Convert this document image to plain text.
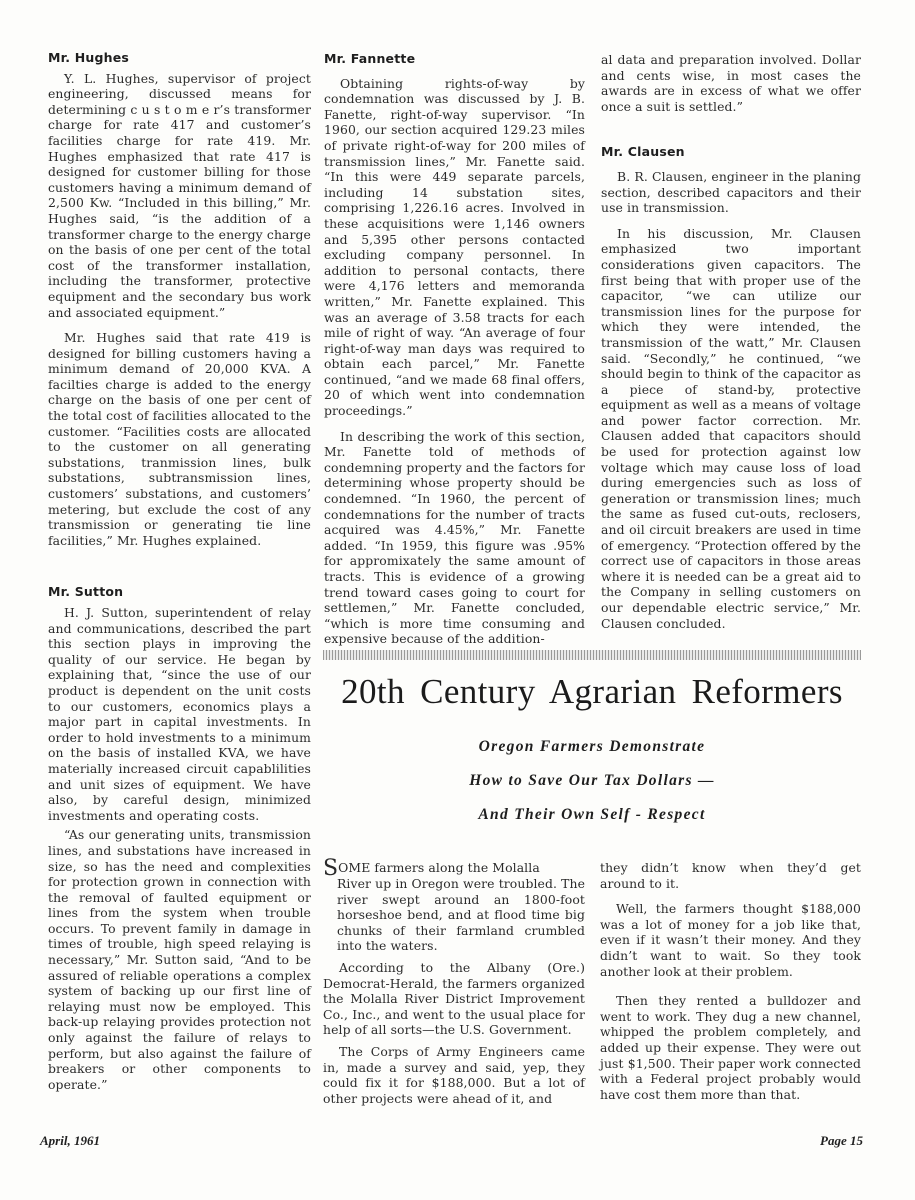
Mr. Hughes

Y. L. Hughes, supervisor of project engineering, discussed means for determining c u s t o m e r’s transformer charge for rate 417 and customer’s facilities charge for rate 419. Mr. Hughes emphasized that rate 417 is designed for customer billing for those customers having a minimum demand of 2,500 Kw. “Included in this billing,” Mr. Hughes said, “is the addition of a transformer charge to the energy charge on the basis of one per cent of the total cost of the transformer installation, including the transformer, protective equipment and the secondary bus work and associated equipment.”

Mr. Hughes said that rate 419 is designed for billing customers having a minimum demand of 20,000 KVA. A facilties charge is added to the energy charge on the basis of one per cent of the total cost of facilities allocated to the customer. “Facilities costs are allocated to the customer on all generating substations, tranmission lines, bulk substations, subtransmission lines, customers’ substations, and customers’ metering, but exclude the cost of any transmission or generating tie line facilities,” Mr. Hughes explained.

Mr. Sutton

H. J. Sutton, superintendent of relay and communications, described the part this section plays in improving the quality of our service. He began by explaining that, “since the use of our product is dependent on the unit costs to our customers, economics plays a major part in capital investments. In order to hold investments to a minimum on the basis of installed KVA, we have materially increased circuit capablilities and unit sizes of equipment. We have also, by careful design, minimized investments and operating costs.

“As our generating units, transmission lines, and substations have increased in size, so has the need and complexities for protection grown in connection with the removal of faulted equipment or lines from the system when trouble occurs. To prevent family in damage in times of trouble, high speed relaying is necessary,” Mr. Sutton said, “And to be assured of reliable operations a complex system of backing up our first line of relaying must now be employed. This back-up relaying provides protection not only against the failure of relays to perform, but also against the failure of breakers or other components to operate.”

Mr. Fannette

Obtaining rights-of-way by condemnation was discussed by J. B. Fanette, right-of-way supervisor. “In 1960, our section acquired 129.23 miles of private right-of-way for 200 miles of transmission lines,” Mr. Fanette said. “In this were 449 separate parcels, including 14 substation sites, comprising 1,226.16 acres. Involved in these acquisitions were 1,146 owners and 5,395 other persons contacted excluding company personnel. In addition to personal contacts, there were 4,176 letters and memoranda written,” Mr. Fanette explained. This was an average of 3.58 tracts for each mile of right of way. “An average of four right-of-way man days was required to obtain each parcel,” Mr. Fanette continued, “and we made 68 final offers, 20 of which went into condemnation proceedings.”

In describing the work of this section, Mr. Fanette told of methods of condemning property and the factors for determining whose property should be condemned. “In 1960, the percent of condemnations for the number of tracts acquired was 4.45%,” Mr. Fanette added. “In 1959, this figure was .95% for appromixately the same amount of tracts. This is evidence of a growing trend toward cases going to court for settlemen,” Mr. Fanette concluded, “which is more time consuming and expensive because of the addition-

al data and preparation involved. Dollar and cents wise, in most cases the awards are in excess of what we offer once a suit is settled.”

Mr. Clausen

B. R. Clausen, engineer in the planing section, described capacitors and their use in transmission.

In his discussion, Mr. Clausen emphasized two important considerations given capacitors. The first being that with proper use of the capacitor, “we can utilize our transmission lines for the purpose for which they were intended, the transmission of the watt,” Mr. Clausen said. “Secondly,” he continued, “we should begin to think of the capacitor as a piece of stand-by, protective equipment as well as a means of voltage and power factor correction. Mr. Clausen added that capacitors should be used for protection against low voltage which may cause loss of load during emergencies such as loss of generation or transmission lines; much the same as fused cut-outs, reclosers, and oil circuit breakers are used in time of emergency. “Protection offered by the correct use of capacitors in those areas where it is needed can be a great aid to the Company in selling customers on our dependable electric service,” Mr. Clausen concluded.

20th Century Agrarian Reformers
Oregon Farmers Demonstrate
How to Save Our Tax Dollars —
And Their Own Self - Respect

SOME farmers along the Molalla
River up in Oregon were troubled. The river swept around an 1800-foot horseshoe bend, and at flood time big chunks of their farmland crumbled into the waters.

According to the Albany (Ore.) Democrat-Herald, the farmers organized the Molalla River District Improvement Co., Inc., and went to the usual place for help of all sorts—the U.S. Government.

The Corps of Army Engineers came in, made a survey and said, yep, they could fix it for $188,000. But a lot of other projects were ahead of it, and

they didn’t know when they’d get around to it.

Well, the farmers thought $188,000 was a lot of money for a job like that, even if it wasn’t their money. And they didn’t want to wait. So they took another look at their problem.

Then they rented a bulldozer and went to work. They dug a new channel, whipped the problem completely, and added up their expense. They were out just $1,500. Their paper work connected with a Federal project probably would have cost them more than that.

April, 1961	Page 15
